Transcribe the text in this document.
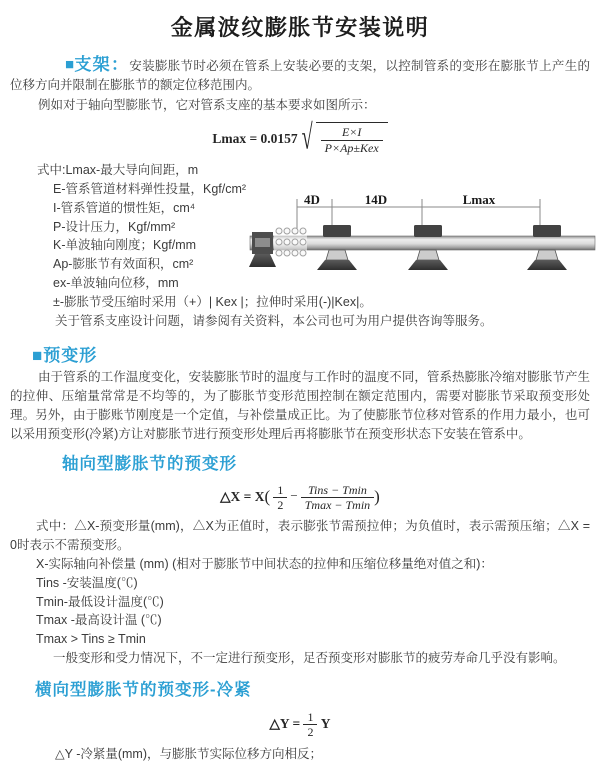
金属波纹膨胀节安装说明

■支架：安装膨胀节时必须在管系上安装必要的支架，以控制管系的变形在膨胀节上产生的位移方向并限制在膨胀节的额定位移范围内。

例如对于轴向型膨胀节，它对管系支座的基本要求如图所示：

Lmax = 0.0157 √ $\frac{E\times I}{\text{P×Ap±Kex}}$
式中:Lmax-最大导向间距，m
E-管系管道材料弹性投量，Kgf/cm²
I-管系管道的惯性矩，cm⁴
P-设计压力，Kgf/mm²
K-单波轴向刚度；Kgf/mm
Ap-膨胀节有效面积，cm²
ex-单波轴向位移，mm
±-膨胀节受压缩时采用（+）| Kex |；拉伸时采用(-)|Kex|。
关于管系支座设计问题，请参阅有关资料，本公司也可为用户提供咨询等服务。
■预变形

由于管系的工作温度变化，安装膨胀节时的温度与工作时的温度不同，管系热膨胀冷缩对膨胀节产生的拉伸、压缩量常常是不均等的，为了膨胀节变形范围控制在额定范围内，需要对膨胀节采取预变形处理。另外，由于膨账节刚度是一个定值，与补偿量成正比。为了使膨胀节位移对管系的作用力最小，也可以采用预变形(冷紧)方让对膨胀节进行预变形处理后再将膨胀节在预变形状态下安装在管系中。

轴向型膨胀节的预变形
△X = $X( \frac{1}{2} - \frac{\text{Tins − Tmin}}{Tmax - Tmin}$ )

式中：△X-预变形量(mm)，△X为正值时，表示膨张节需预拉伸；为负值时，表示需预压缩；△X = 0时表示不需预变形。

X-实际轴向补偿量 (mm) (相对于膨胀节中间状态的拉伸和压缩位移量绝对值之和)：
Tins -安装温度(℃)
Tmin-最低设计温度(℃)
Tmax -最高设计温 (℃)
Tmax > Tins ≥ Tmin
一般变形和受力情况下，不一定进行预变形，足否预变形对膨胀节的疲劳寿命几乎没有影响。
横向型膨胀节的预变形-冷紧
△Y = $\frac{1}{2}$ Y
△Y -冷紧量(mm)，与膨胀节实际位移方向相反；
4D	14D	Lmax
